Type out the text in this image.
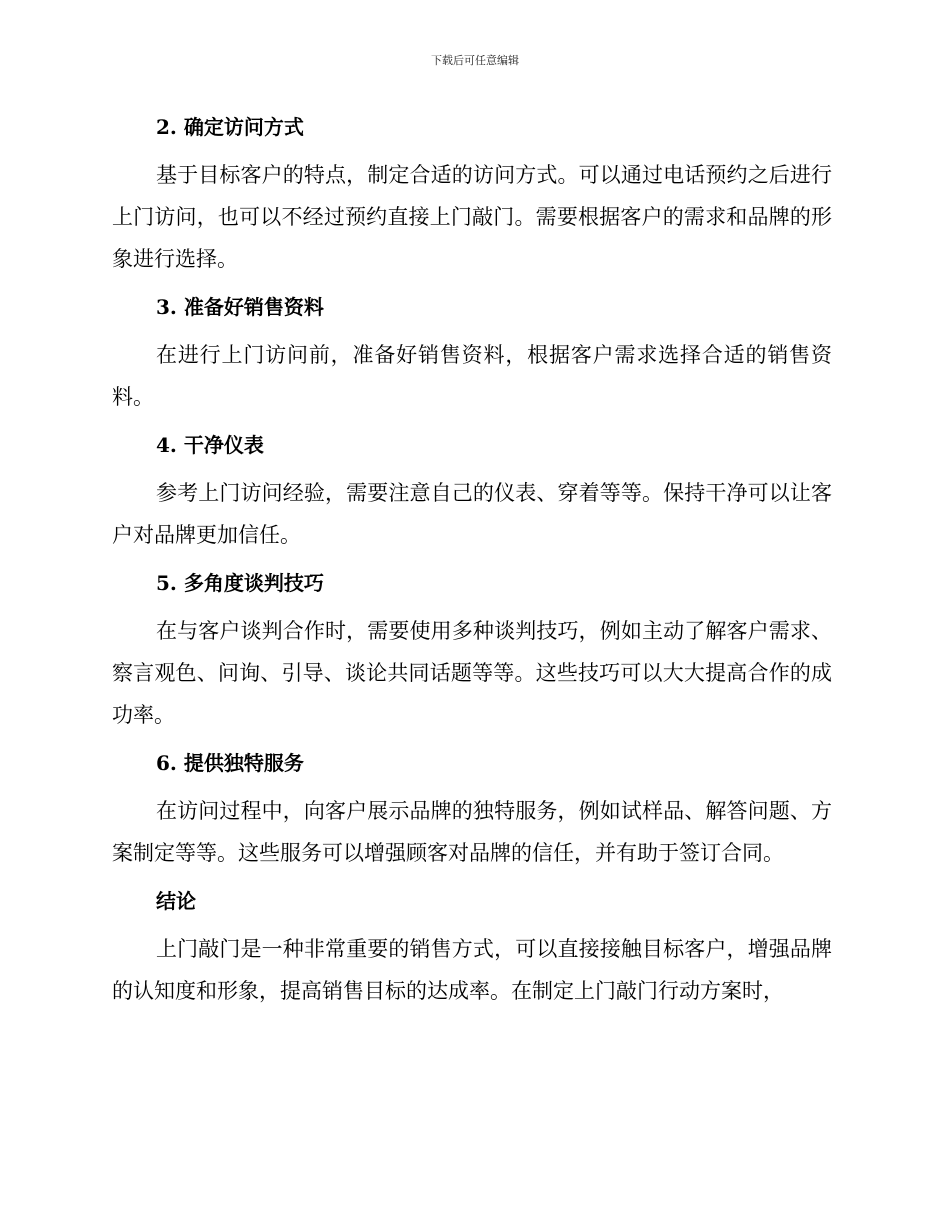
下载后可任意编辑
2. 确定访问方式

基于目标客户的特点，制定合适的访问方式。可以通过电话预约之后进行上门访问，也可以不经过预约直接上门敲门。需要根据客户的需求和品牌的形象进行选择。

3. 准备好销售资料

在进行上门访问前，准备好销售资料，根据客户需求选择合适的销售资料。

4. 干净仪表

参考上门访问经验，需要注意自己的仪表、穿着等等。保持干净可以让客户对品牌更加信任。

5. 多角度谈判技巧

在与客户谈判合作时，需要使用多种谈判技巧，例如主动了解客户需求、察言观色、问询、引导、谈论共同话题等等。这些技巧可以大大提高合作的成功率。

6. 提供独特服务

在访问过程中，向客户展示品牌的独特服务，例如试样品、解答问题、方案制定等等。这些服务可以增强顾客对品牌的信任，并有助于签订合同。

结论

上门敲门是一种非常重要的销售方式，可以直接接触目标客户，增强品牌的认知度和形象，提高销售目标的达成率。在制定上门敲门行动方案时，
